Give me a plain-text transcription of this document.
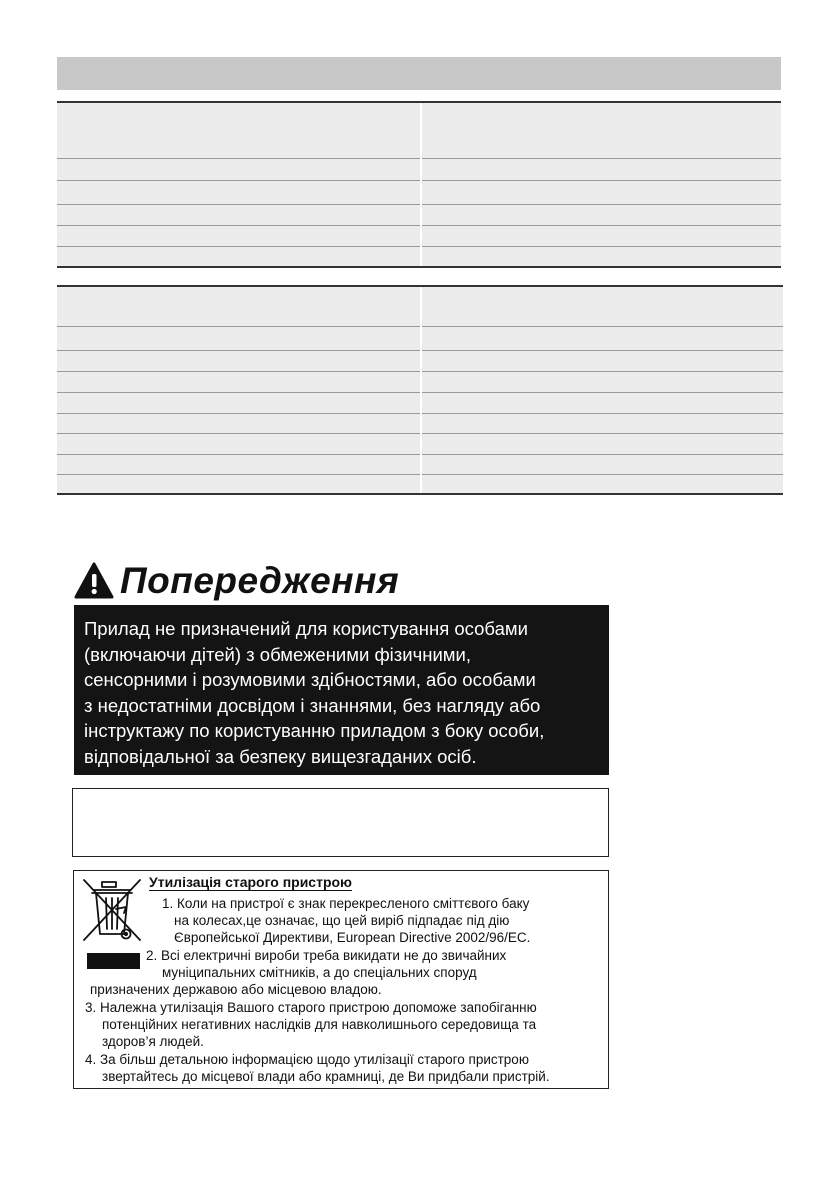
Попередження
Прилад не призначений для користування особами
(включаючи дітей) з обмеженими фізичними,
сенсорними і розумовими здібностями, або особами
з недостатніми досвідом і знаннями, без нагляду або
інструктажу по користуванню приладом з боку особи,
відповідальної за безпеку вищезгаданих осіб.
Утилізація старого пристрою
1. Коли на пристрої є знак перекресленого сміттєвого баку
на колесах,це означає, що цей виріб підпадає під дію
Європейської Директиви, European Directive 2002/96/EC.
2. Всі електричні вироби треба викидати не до звичайних
муніципальних смітників, а до спеціальних споруд
призначених державою або місцевою владою.
3. Належна утилізація Вашого старого пристрою допоможе запобіганню
потенційних негативних наслідків для навколишнього середовища та
здоров’я людей.
4. За більш детальною інформацією щодо утилізації старого пристрою
звертайтесь до місцевої влади або крамниці, де Ви придбали пристрій.
